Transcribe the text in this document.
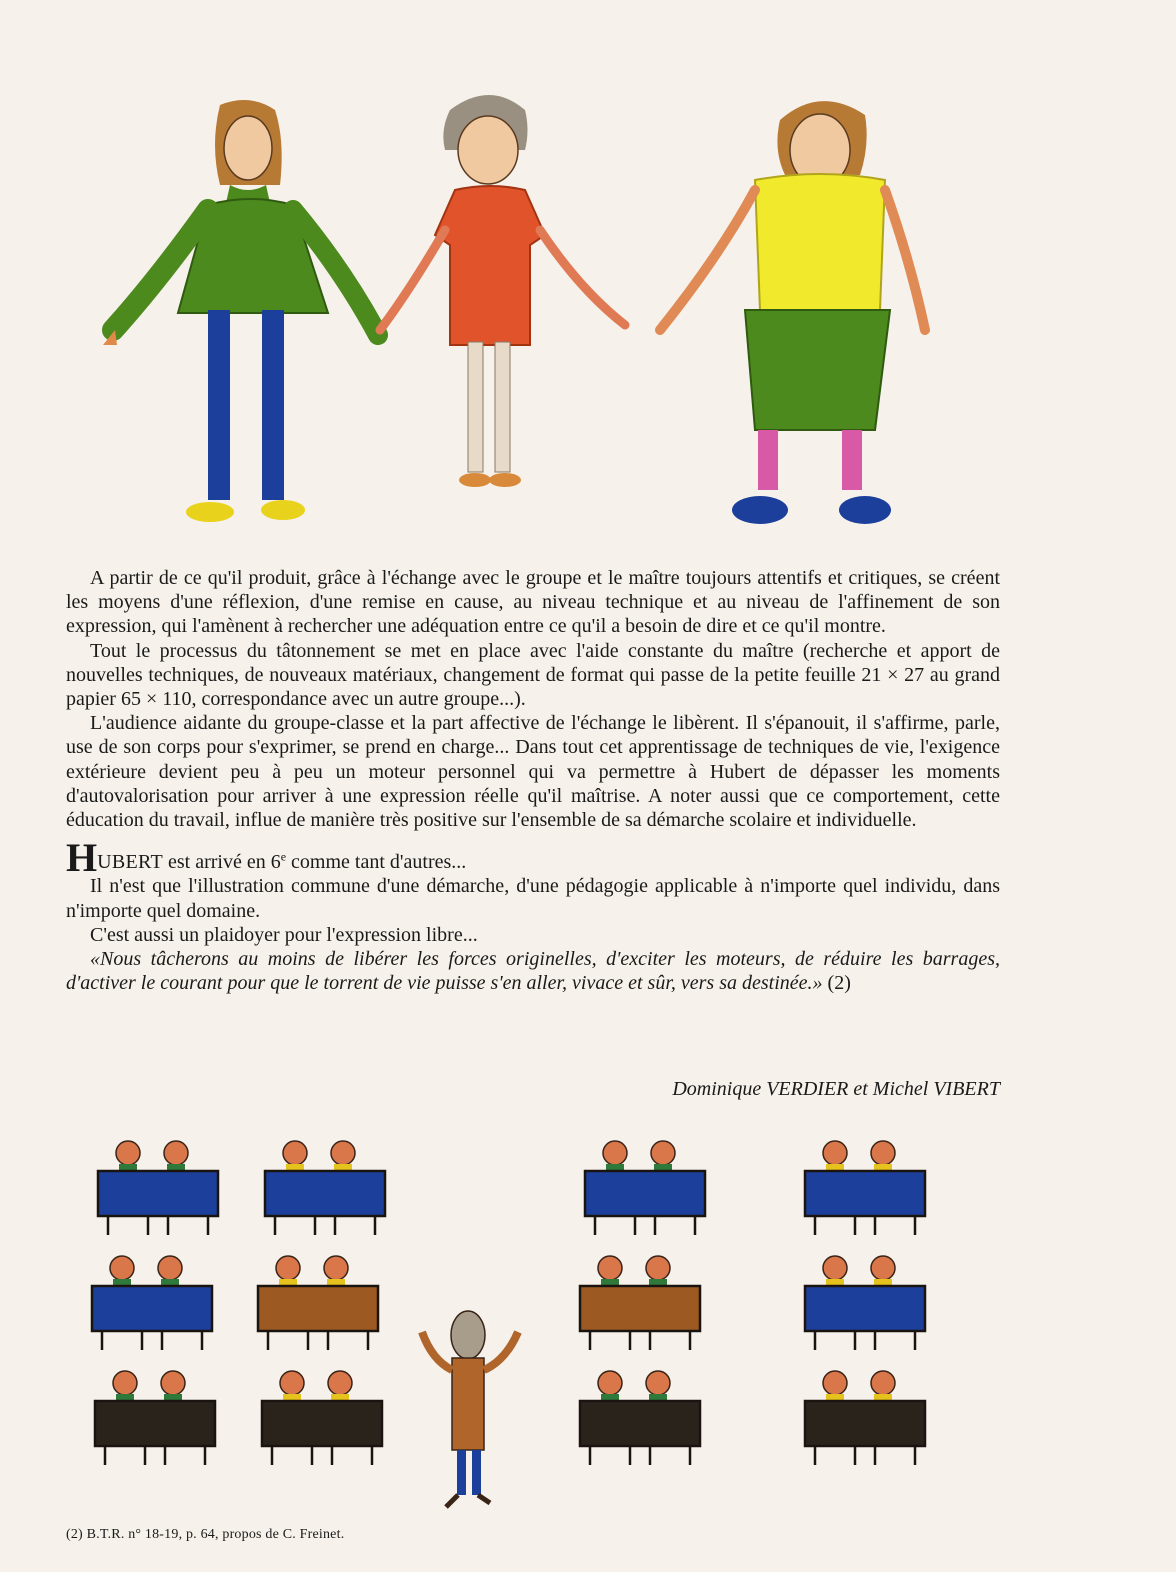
A partir de ce qu'il produit, grâce à l'échange avec le groupe et le maître toujours attentifs et critiques, se créent les moyens d'une réflexion, d'une remise en cause, au niveau technique et au niveau de l'affinement de son expression, qui l'amènent à rechercher une adéquation entre ce qu'il a besoin de dire et ce qu'il montre.

Tout le processus du tâtonnement se met en place avec l'aide constante du maître (recherche et apport de nouvelles techniques, de nouveaux matériaux, changement de format qui passe de la petite feuille 21 × 27 au grand papier 65 × 110, correspondance avec un autre groupe...).

L'audience aidante du groupe-classe et la part affective de l'échange le libèrent. Il s'épanouit, il s'affirme, parle, use de son corps pour s'exprimer, se prend en charge... Dans tout cet apprentissage de techniques de vie, l'exigence extérieure devient peu à peu un moteur personnel qui va permettre à Hubert de dépasser les moments d'autovalorisation pour arriver à une expression réelle qu'il maîtrise. A noter aussi que ce comportement, cette éducation du travail, influe de manière très positive sur l'ensemble de sa démarche scolaire et individuelle.

HUBERT est arrivé en 6e comme tant d'autres...

Il n'est que l'illustration commune d'une démarche, d'une pédagogie applicable à n'importe quel individu, dans n'importe quel domaine.

C'est aussi un plaidoyer pour l'expression libre...

«Nous tâcherons au moins de libérer les forces originelles, d'exciter les moteurs, de réduire les barrages, d'activer le courant pour que le torrent de vie puisse s'en aller, vivace et sûr, vers sa destinée.» (2)

Dominique VERDIER et Michel VIBERT
(2) B.T.R. n° 18-19, p. 64, propos de C. Freinet.
